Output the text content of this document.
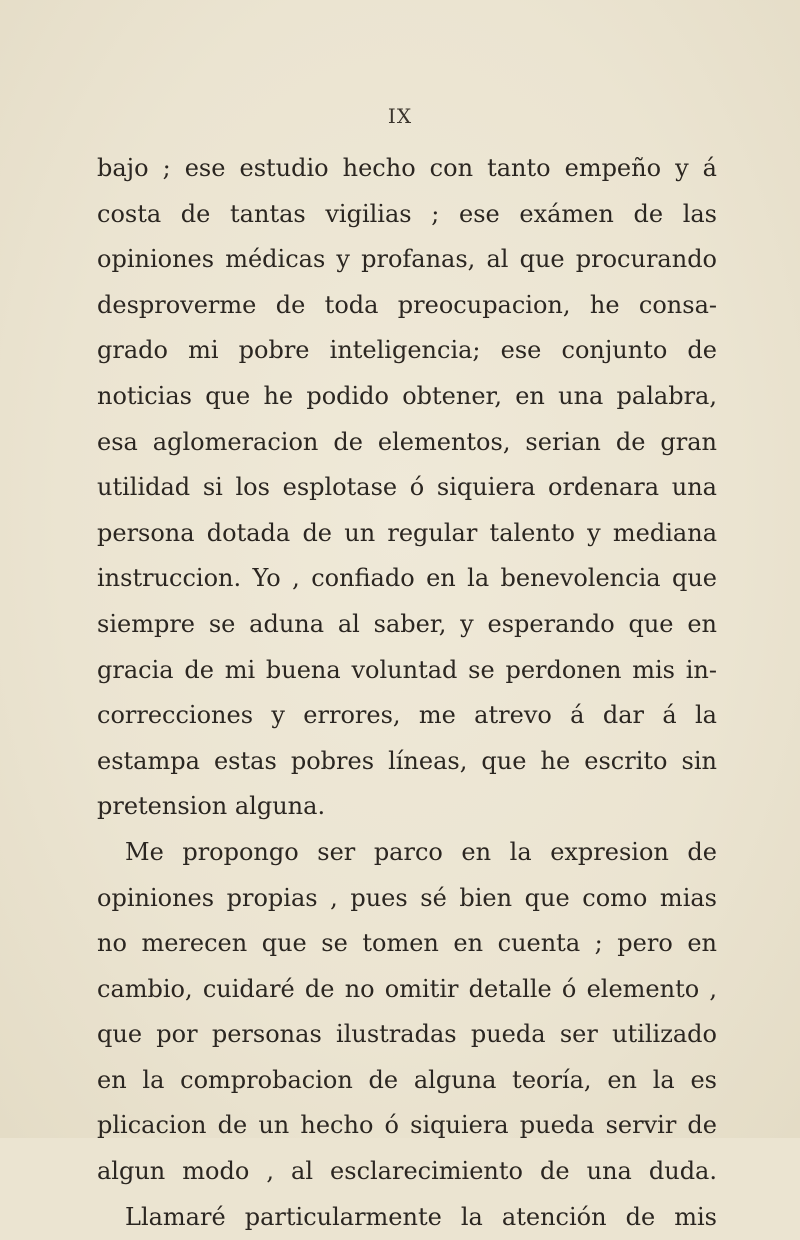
IX
bajo ; ese estudio hecho con tanto empeño y á
costa de tantas vigilias ; ese exámen de las
opiniones médicas y profanas, al que procurando
desproverme de toda preocupacion, he consa-
grado mi pobre inteligencia; ese conjunto de
noticias que he podido obtener, en una palabra,
esa aglomeracion de elementos, serian de gran
utilidad si los esplotase ó siquiera ordenara una
persona dotada de un regular talento y mediana
instruccion. Yo , confiado en la benevolencia que
siempre se aduna al saber, y esperando que en
gracia de mi buena voluntad se perdonen mis in-
correcciones y errores, me atrevo á dar á la
estampa estas pobres líneas, que he escrito sin
pretension alguna.
Me propongo ser parco en la expresion de
opiniones propias , pues sé bien que como mias
no merecen que se tomen en cuenta ; pero en
cambio, cuidaré de no omitir detalle ó elemento ,
que por personas ilustradas pueda ser utilizado
en la comprobacion de alguna teoría, en la es
plicacion de un hecho ó siquiera pueda servir de
algun modo , al esclarecimiento de una duda.
Llamaré particularmente la atención de mis
